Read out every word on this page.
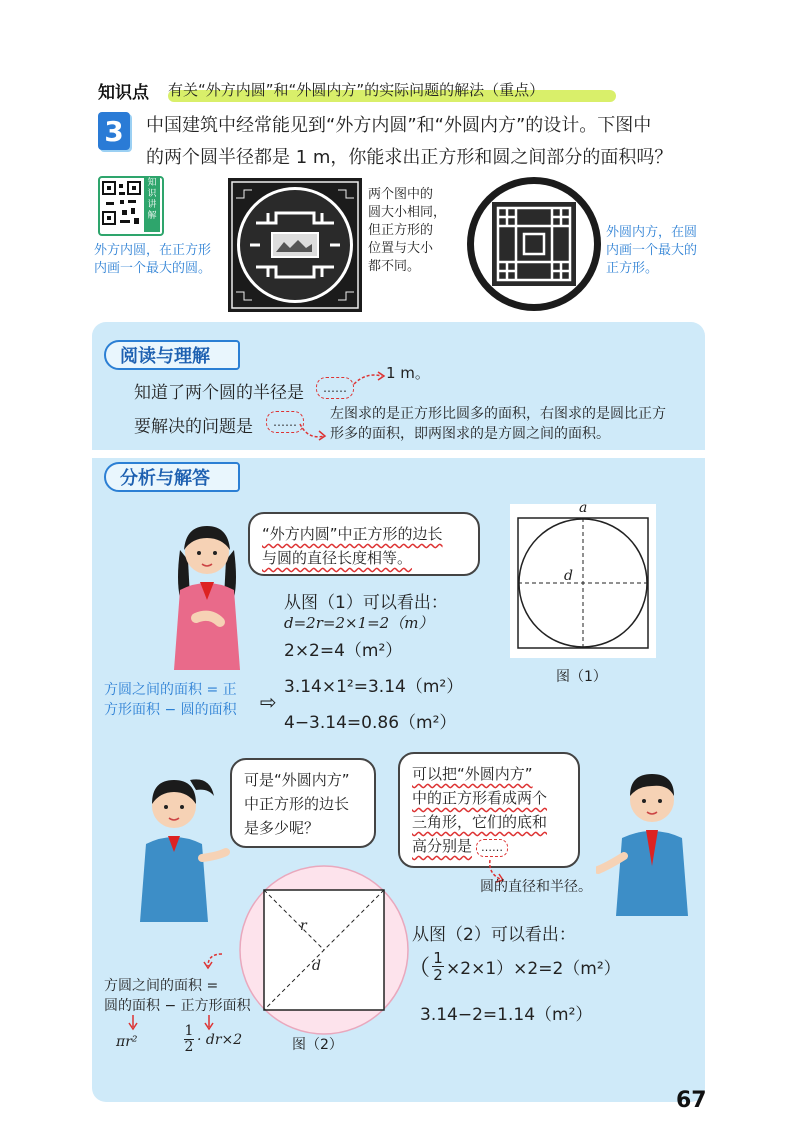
知识点 有关“外方内圆”和“外圆内方”的实际问题的解法（重点）
3	中国建筑中经常能见到“外方内圆”和“外圆内方”的设计。下图中
的两个圆半径都是 1 m，你能求出正方形和圆之间部分的面积吗？
知识讲解
外方内圆，在正方形
内画一个最大的圆。
两个图中的
圆大小相同，
但正方形的
位置与大小
都不同。
外圆内方，在圆
内画一个最大的
正方形。
阅读与理解
知道了两个圆的半径是	……
1 m。
要解决的问题是	……	左图求的是正方形比圆多的面积，右图求的是圆比正方
形多的面积，即两图求的是方圆之间的面积。
分析与解答
“外方内圆”中正方形的边长
与圆的直径长度相等。
从图（1）可以看出：
d=2r=2×1=2（m）
2×2=4（m²）
3.14×1²=3.14（m²）
4−3.14=0.86（m²）
方圆之间的面积 = 正
方形面积 − 圆的面积	⇨
a
d
图（1）
可是“外圆内方”
中正方形的边长
是多少呢？
可以把“外圆内方”
中的正方形看成两个
三角形，它们的底和
高分别是 ……
圆的直径和半径。
r
d
图（2）
从图（2）可以看出：
（ 1
2 ×2×1）×2=2（m²）
3.14−2=1.14（m²）
方圆之间的面积 =
圆的面积 − 正方形面积
πr²
1
2 · dr×2
67
